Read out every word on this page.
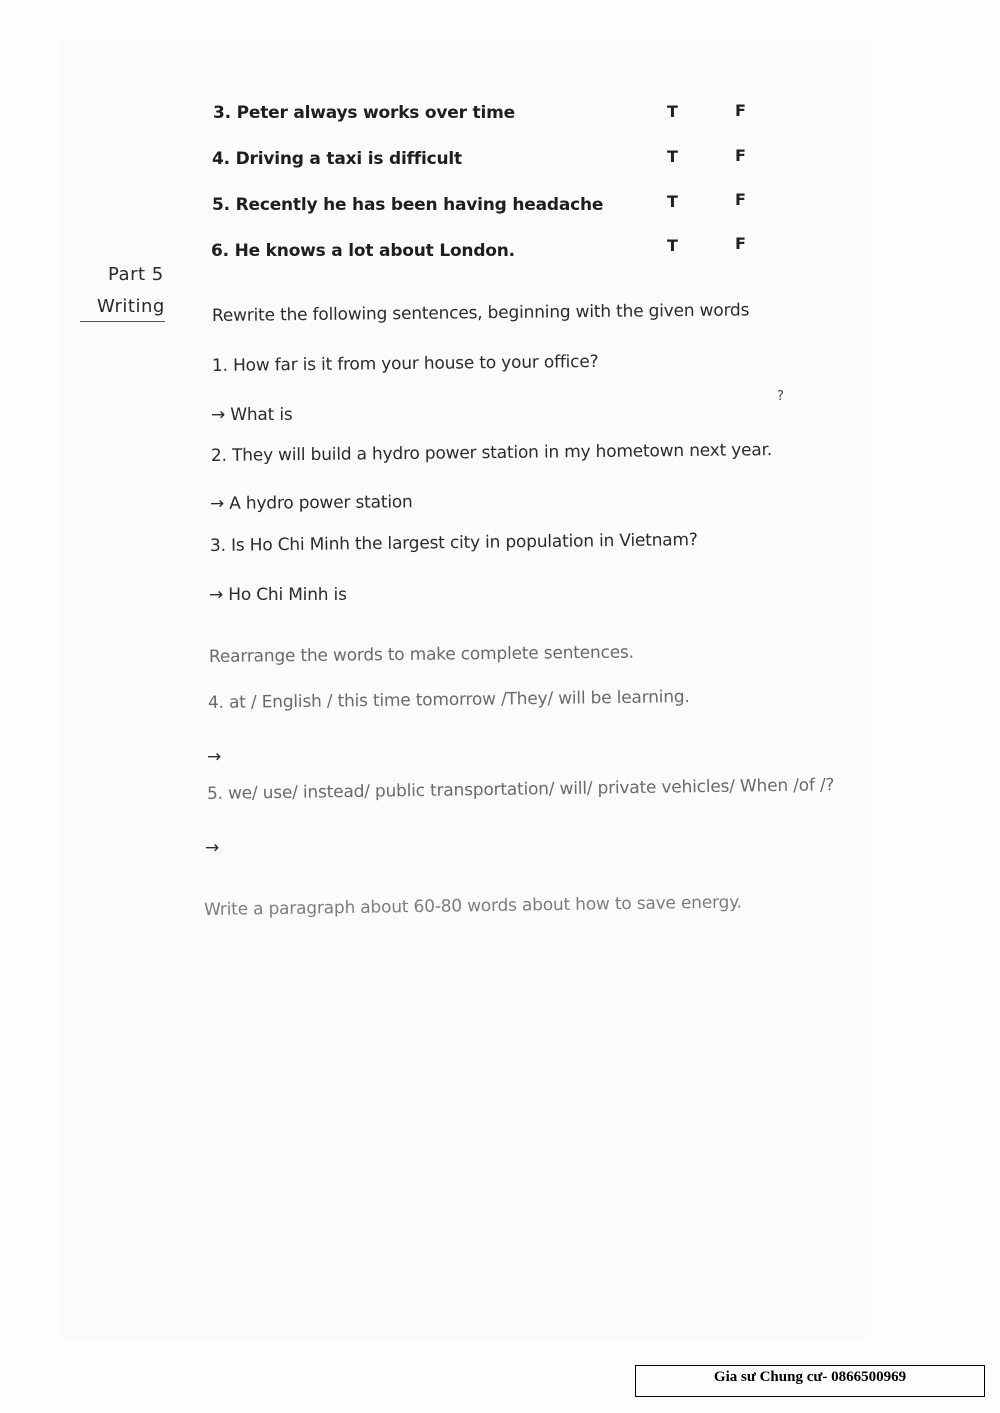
3. Peter always works over time	T	F
4. Driving a taxi is difficult	T	F
5. Recently he has been having headache	T	F
6. He knows a lot about London.	T	F
Part 5
Writing	Rewrite the following sentences, beginning with the given words
1. How far is it from your house to your office?
→ What is
?
2. They will build a hydro power station in my hometown next year.
→ A hydro power station
3. Is Ho Chi Minh the largest city in population in Vietnam?
→ Ho Chi Minh is
Rearrange the words to make complete sentences.
4. at / English / this time tomorrow /They/ will be learning.
→
5. we/ use/ instead/ public transportation/ will/ private vehicles/ When /of /?
→
Write a paragraph about 60-80 words about how to save energy.
Gia sư Chung cư- 0866500969
